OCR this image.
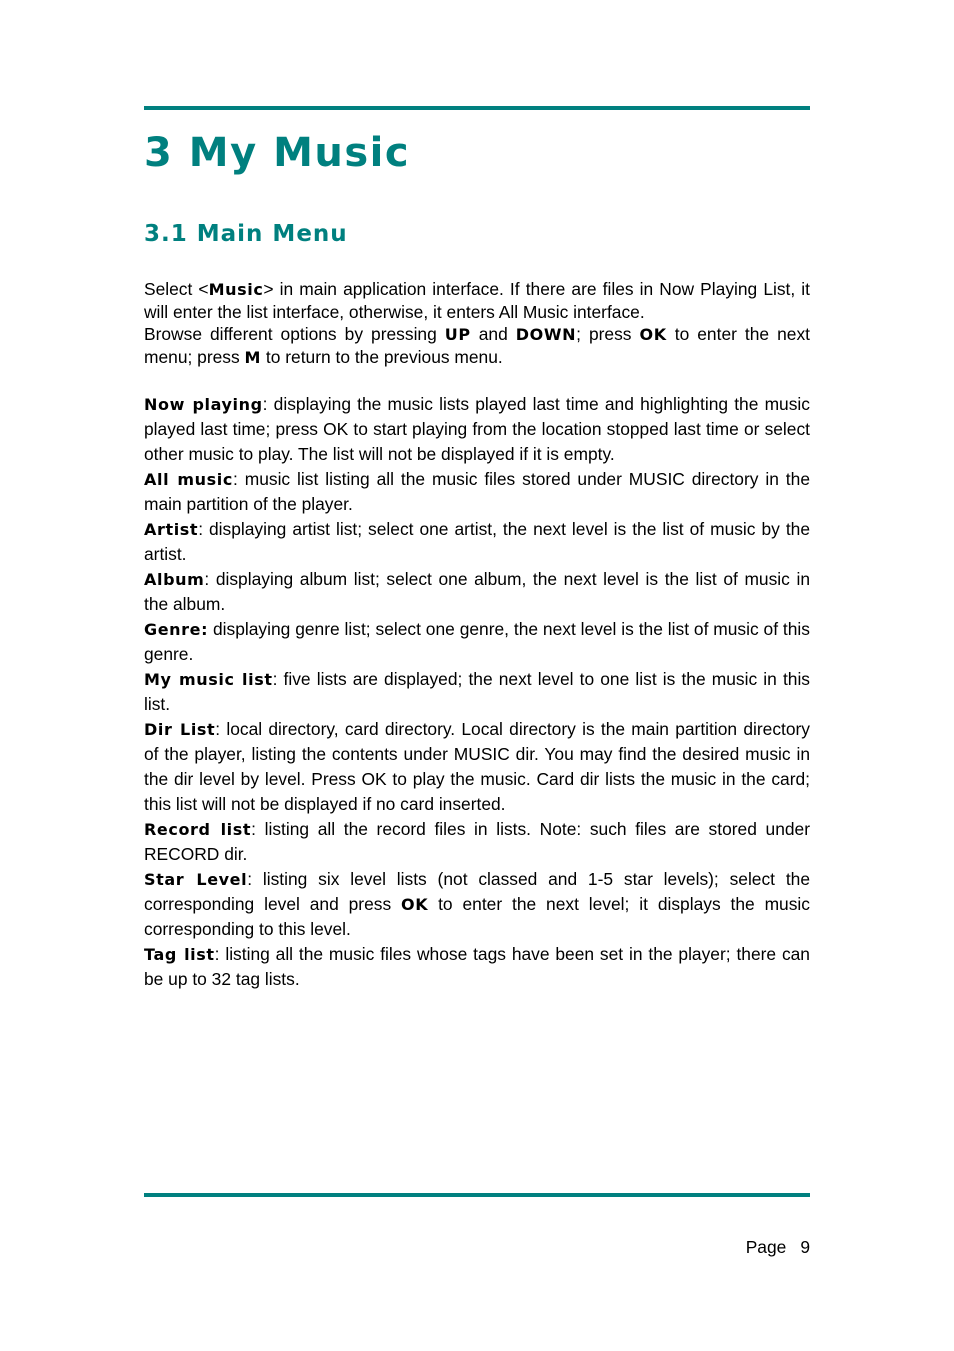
3 My Music
3.1 Main Menu

Select <Music> in main application interface. If there are files in Now Playing List, it will enter the list interface, otherwise, it enters All Music interface.

Browse different options by pressing UP and DOWN; press OK to enter the next menu; press M to return to the previous menu.

Now playing: displaying the music lists played last time and highlighting the music played last time; press OK to start playing from the location stopped last time or select other music to play. The list will not be displayed if it is empty.

All music: music list listing all the music files stored under MUSIC directory in the main partition of the player.

Artist: displaying artist list; select one artist, the next level is the list of music by the artist.

Album: displaying album list; select one album, the next level is the list of music in the album.

Genre: displaying genre list; select one genre, the next level is the list of music of this genre.

My music list: five lists are displayed; the next level to one list is the music in this list.

Dir List: local directory, card directory. Local directory is the main partition directory of the player, listing the contents under MUSIC dir. You may find the desired music in the dir level by level. Press OK to play the music. Card dir lists the music in the card; this list will not be displayed if no card inserted.

Record list: listing all the record files in lists. Note: such files are stored under RECORD dir.

Star Level: listing six level lists (not classed and 1-5 star levels); select the corresponding level and press OK to enter the next level; it displays the music corresponding to this level.

Tag list: listing all the music files whose tags have been set in the player; there can be up to 32 tag lists.

Page 9
